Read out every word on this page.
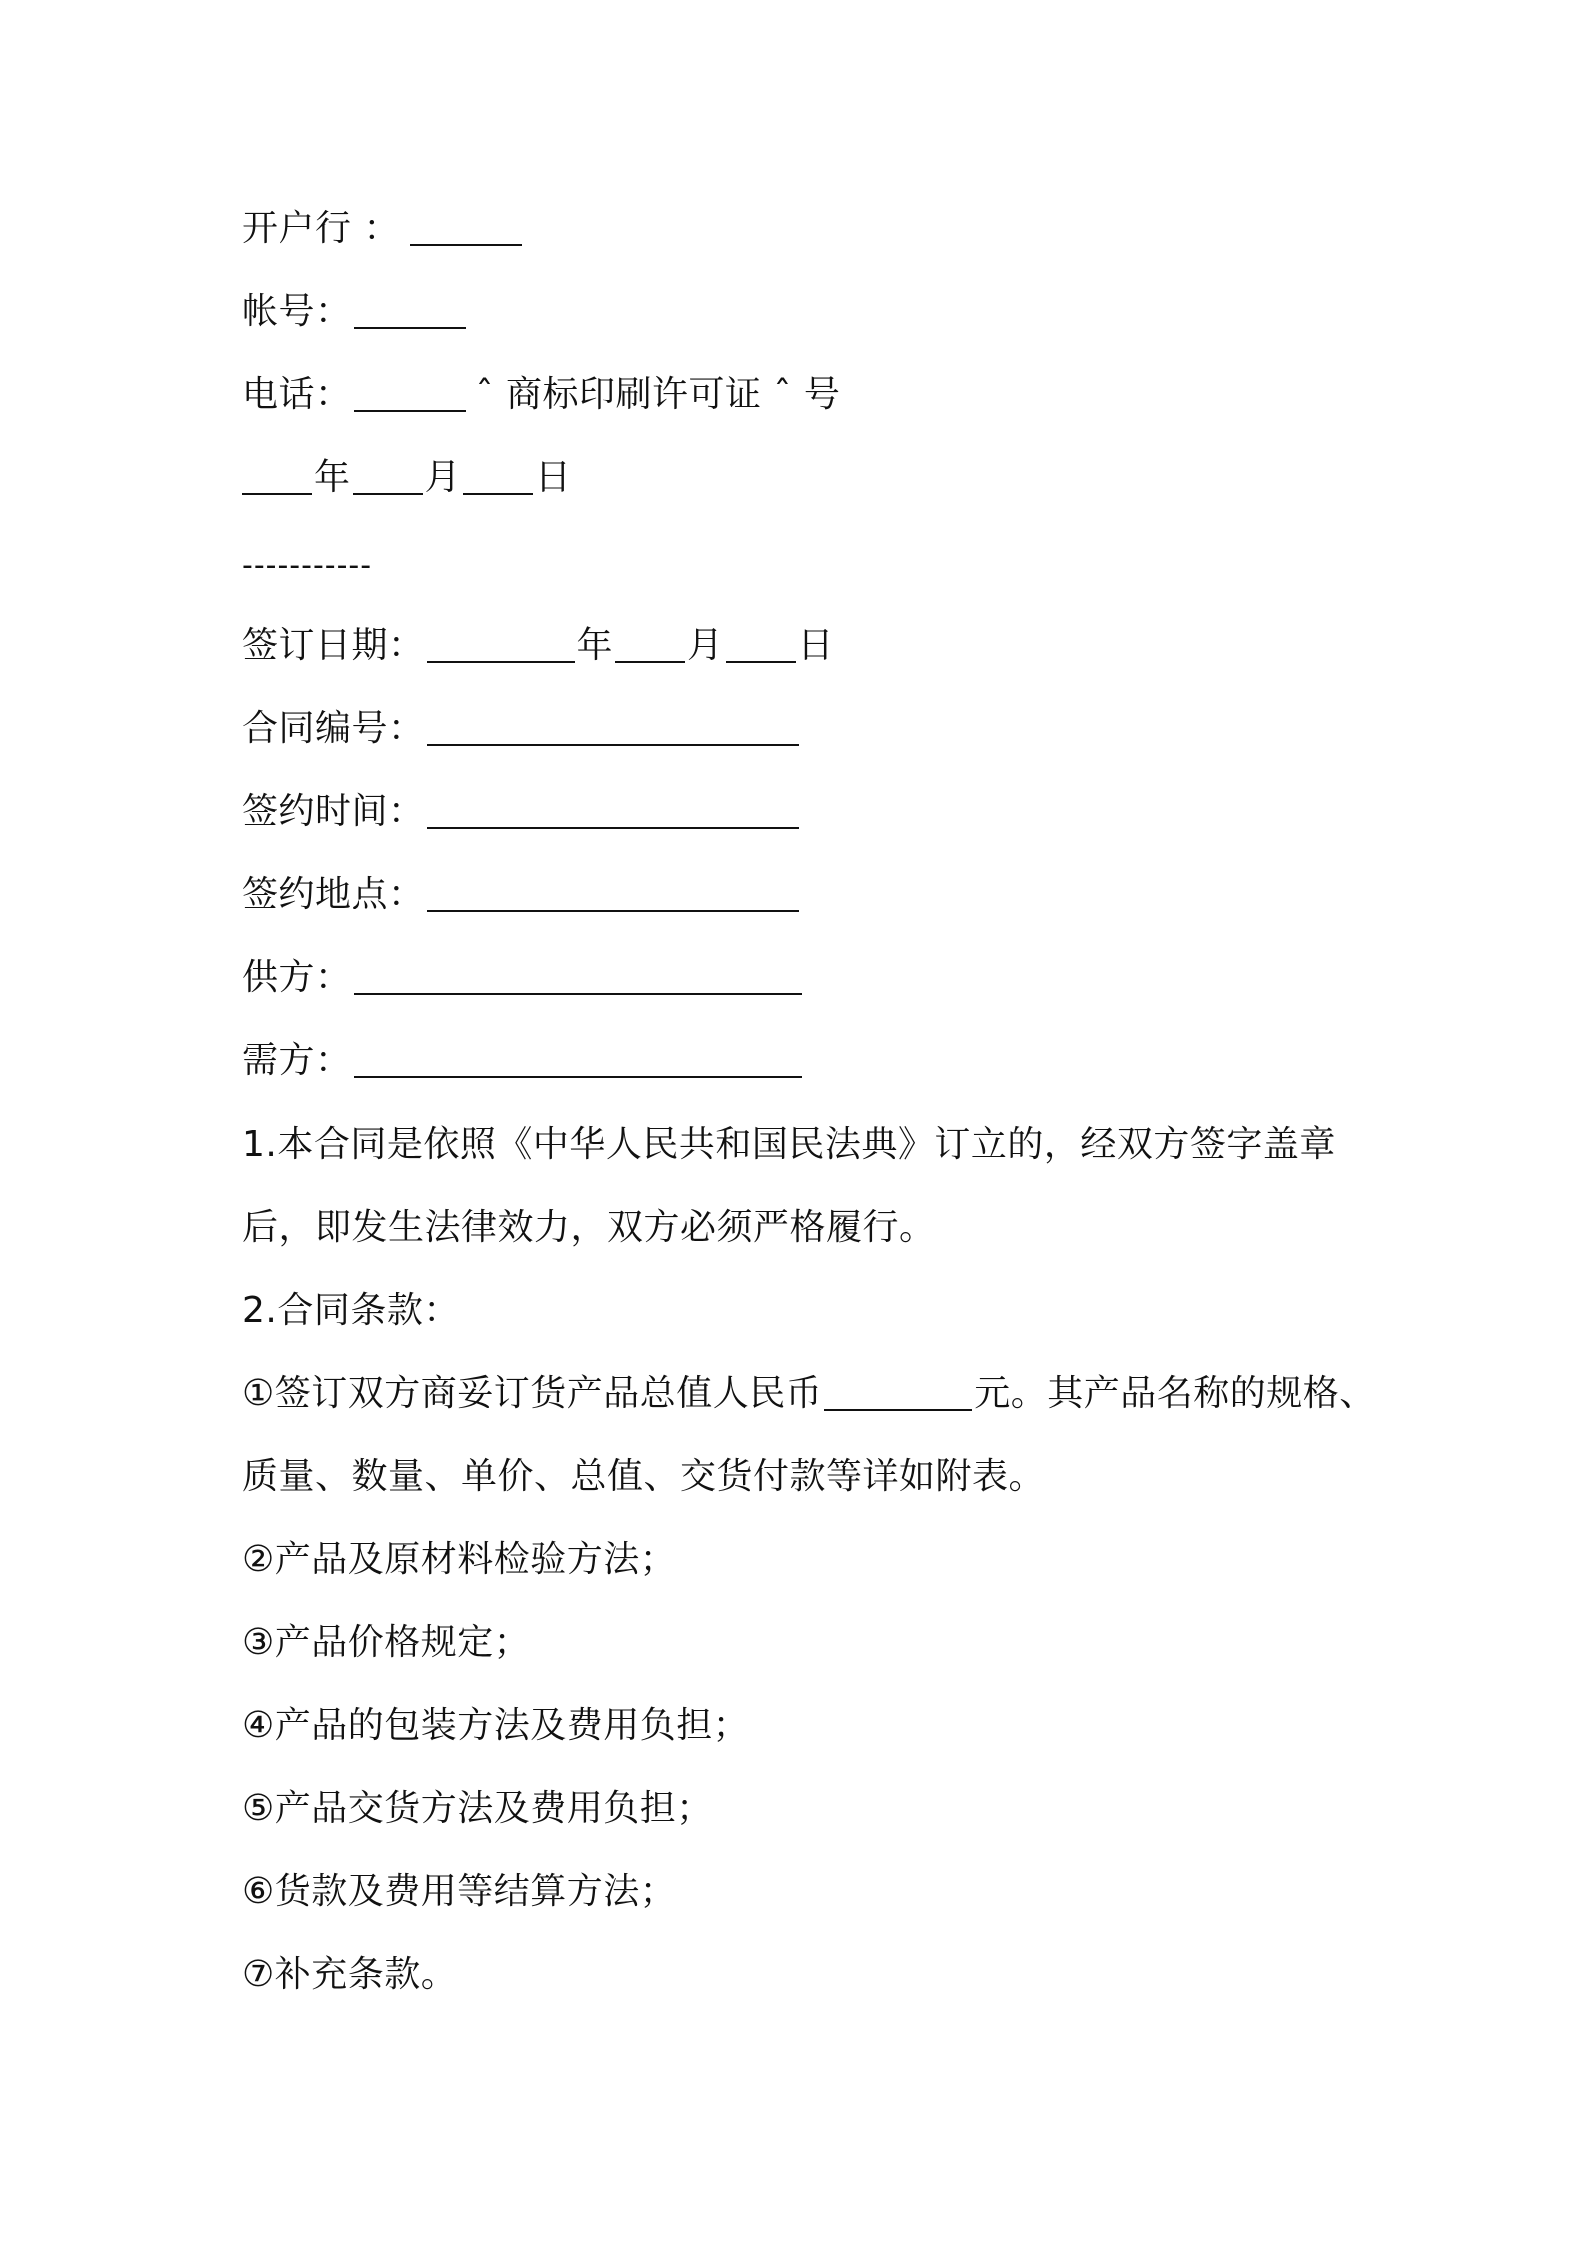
开户行 ：
帐号：
电话：	ˆ 商标印刷许可证 ˆ 号
年 月 日
-----------
签订日期：	年 月 日
合同编号：
签约时间：
签约地点：
供方：
需方：
1.本合同是依照《中华人民共和国民法典》订立的，经双方签字盖章
后，即发生法律效力，双方必须严格履行。
2.合同条款：
①签订双方商妥订货产品总值人民币	元。其产品名称的规格、
质量、数量、单价、总值、交货付款等详如附表。
②产品及原材料检验方法；
③产品价格规定；
④产品的包装方法及费用负担；
⑤产品交货方法及费用负担；
⑥货款及费用等结算方法；
⑦补充条款。
